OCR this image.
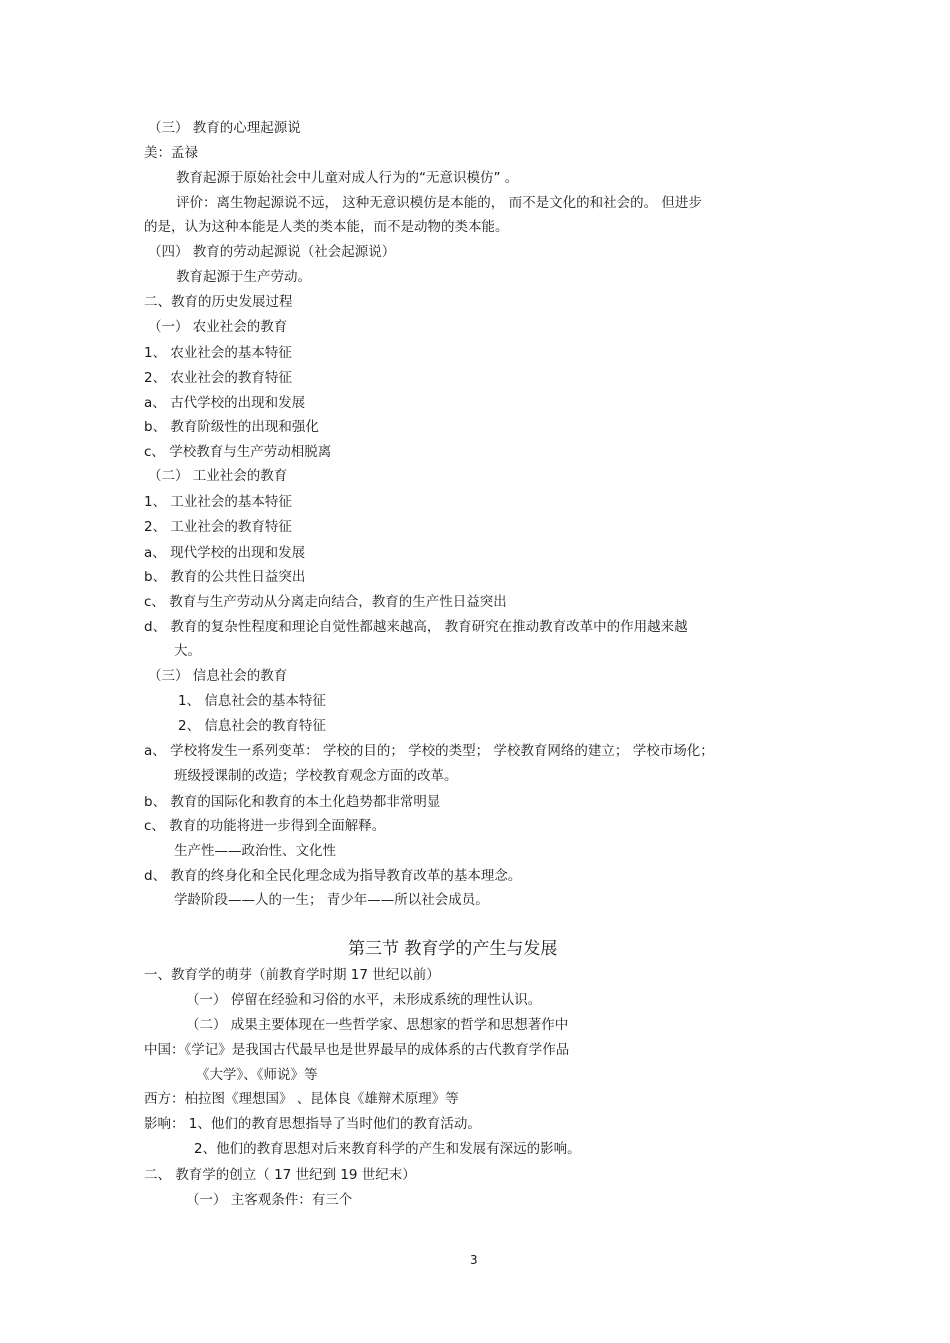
（三） 教育的心理起源说
美：孟禄
教育起源于原始社会中儿童对成人行为的“无意识模仿” 。
评价：离生物起源说不远， 这种无意识模仿是本能的， 而不是文化的和社会的。 但进步
的是，认为这种本能是人类的类本能，而不是动物的类本能。
（四） 教育的劳动起源说（社会起源说）
教育起源于生产劳动。
二、教育的历史发展过程
（一） 农业社会的教育
1、 农业社会的基本特征
2、 农业社会的教育特征
a、 古代学校的出现和发展
b、 教育阶级性的出现和强化
c、 学校教育与生产劳动相脱离
（二） 工业社会的教育
1、 工业社会的基本特征
2、 工业社会的教育特征
a、 现代学校的出现和发展
b、 教育的公共性日益突出
c、 教育与生产劳动从分离走向结合，教育的生产性日益突出
d、 教育的复杂性程度和理论自觉性都越来越高， 教育研究在推动教育改革中的作用越来越
大。
（三） 信息社会的教育
1、 信息社会的基本特征
2、 信息社会的教育特征
a、 学校将发生一系列变革： 学校的目的； 学校的类型； 学校教育网络的建立； 学校市场化；
班级授课制的改造；学校教育观念方面的改革。
b、 教育的国际化和教育的本土化趋势都非常明显
c、 教育的功能将进一步得到全面解释。
生产性——政治性、文化性
d、 教育的终身化和全民化理念成为指导教育改革的基本理念。
学龄阶段——人的一生； 青少年——所以社会成员。
第三节 教育学的产生与发展
一、教育学的萌芽（前教育学时期 17 世纪以前）
（一） 停留在经验和习俗的水平，未形成系统的理性认识。
（二） 成果主要体现在一些哲学家、思想家的哲学和思想著作中
中国：《学记》是我国古代最早也是世界最早的成体系的古代教育学作品
《大学》、《师说》等
西方：柏拉图《理想国》 、昆体良《雄辩术原理》等
影响： 1、他们的教育思想指导了当时他们的教育活动。
2、他们的教育思想对后来教育科学的产生和发展有深远的影响。
二、 教育学的创立（ 17 世纪到 19 世纪末）
（一） 主客观条件：有三个
3
